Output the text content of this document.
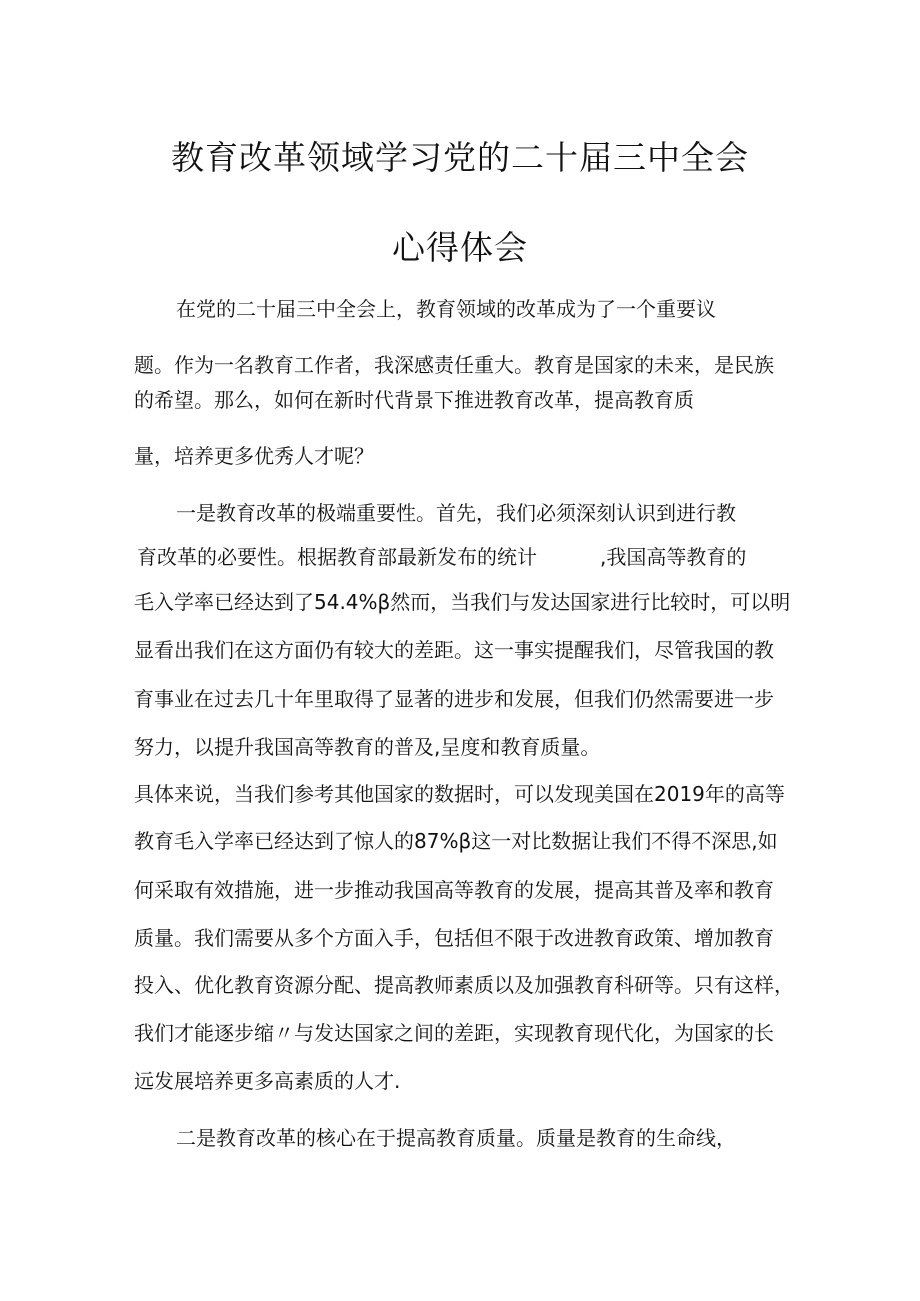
教育改革领域学习党的二十届三中全会
心得体会
在党的二十届三中全会上，教育领域的改革成为了一个重要议
题。作为一名教育工作者，我深感责任重大。教育是国家的未来，是民族
的希望。那么，如何在新时代背景下推进教育改革，提高教育质
量，培养更多优秀人才呢？
一是教育改革的极端重要性。首先，我们必须深刻认识到进行教
育改革的必要性。根据教育部最新发布的统计	,我国高等教育的
毛入学率已经达到了54.4%β然而，当我们与发达国家进行比较时，可以明
显看出我们在这方面仍有较大的差距。这一事实提醒我们，尽管我国的教
育事业在过去几十年里取得了显著的进步和发展，但我们仍然需要进一步
努力，以提升我国高等教育的普及,呈度和教育质量。
具体来说，当我们参考其他国家的数据时，可以发现美国在2019年的高等
教育毛入学率已经达到了惊人的87%β这一对比数据让我们不得不深思,如
何采取有效措施，进一步推动我国高等教育的发展，提高其普及率和教育
质量。我们需要从多个方面入手，包括但不限于改进教育政策、增加教育
投入、优化教育资源分配、提高教师素质以及加强教育科研等。只有这样，
我们才能逐步缩〃与发达国家之间的差距，实现教育现代化，为国家的长
远发展培养更多高素质的人才.
二是教育改革的核心在于提高教育质量。质量是教育的生命线，
